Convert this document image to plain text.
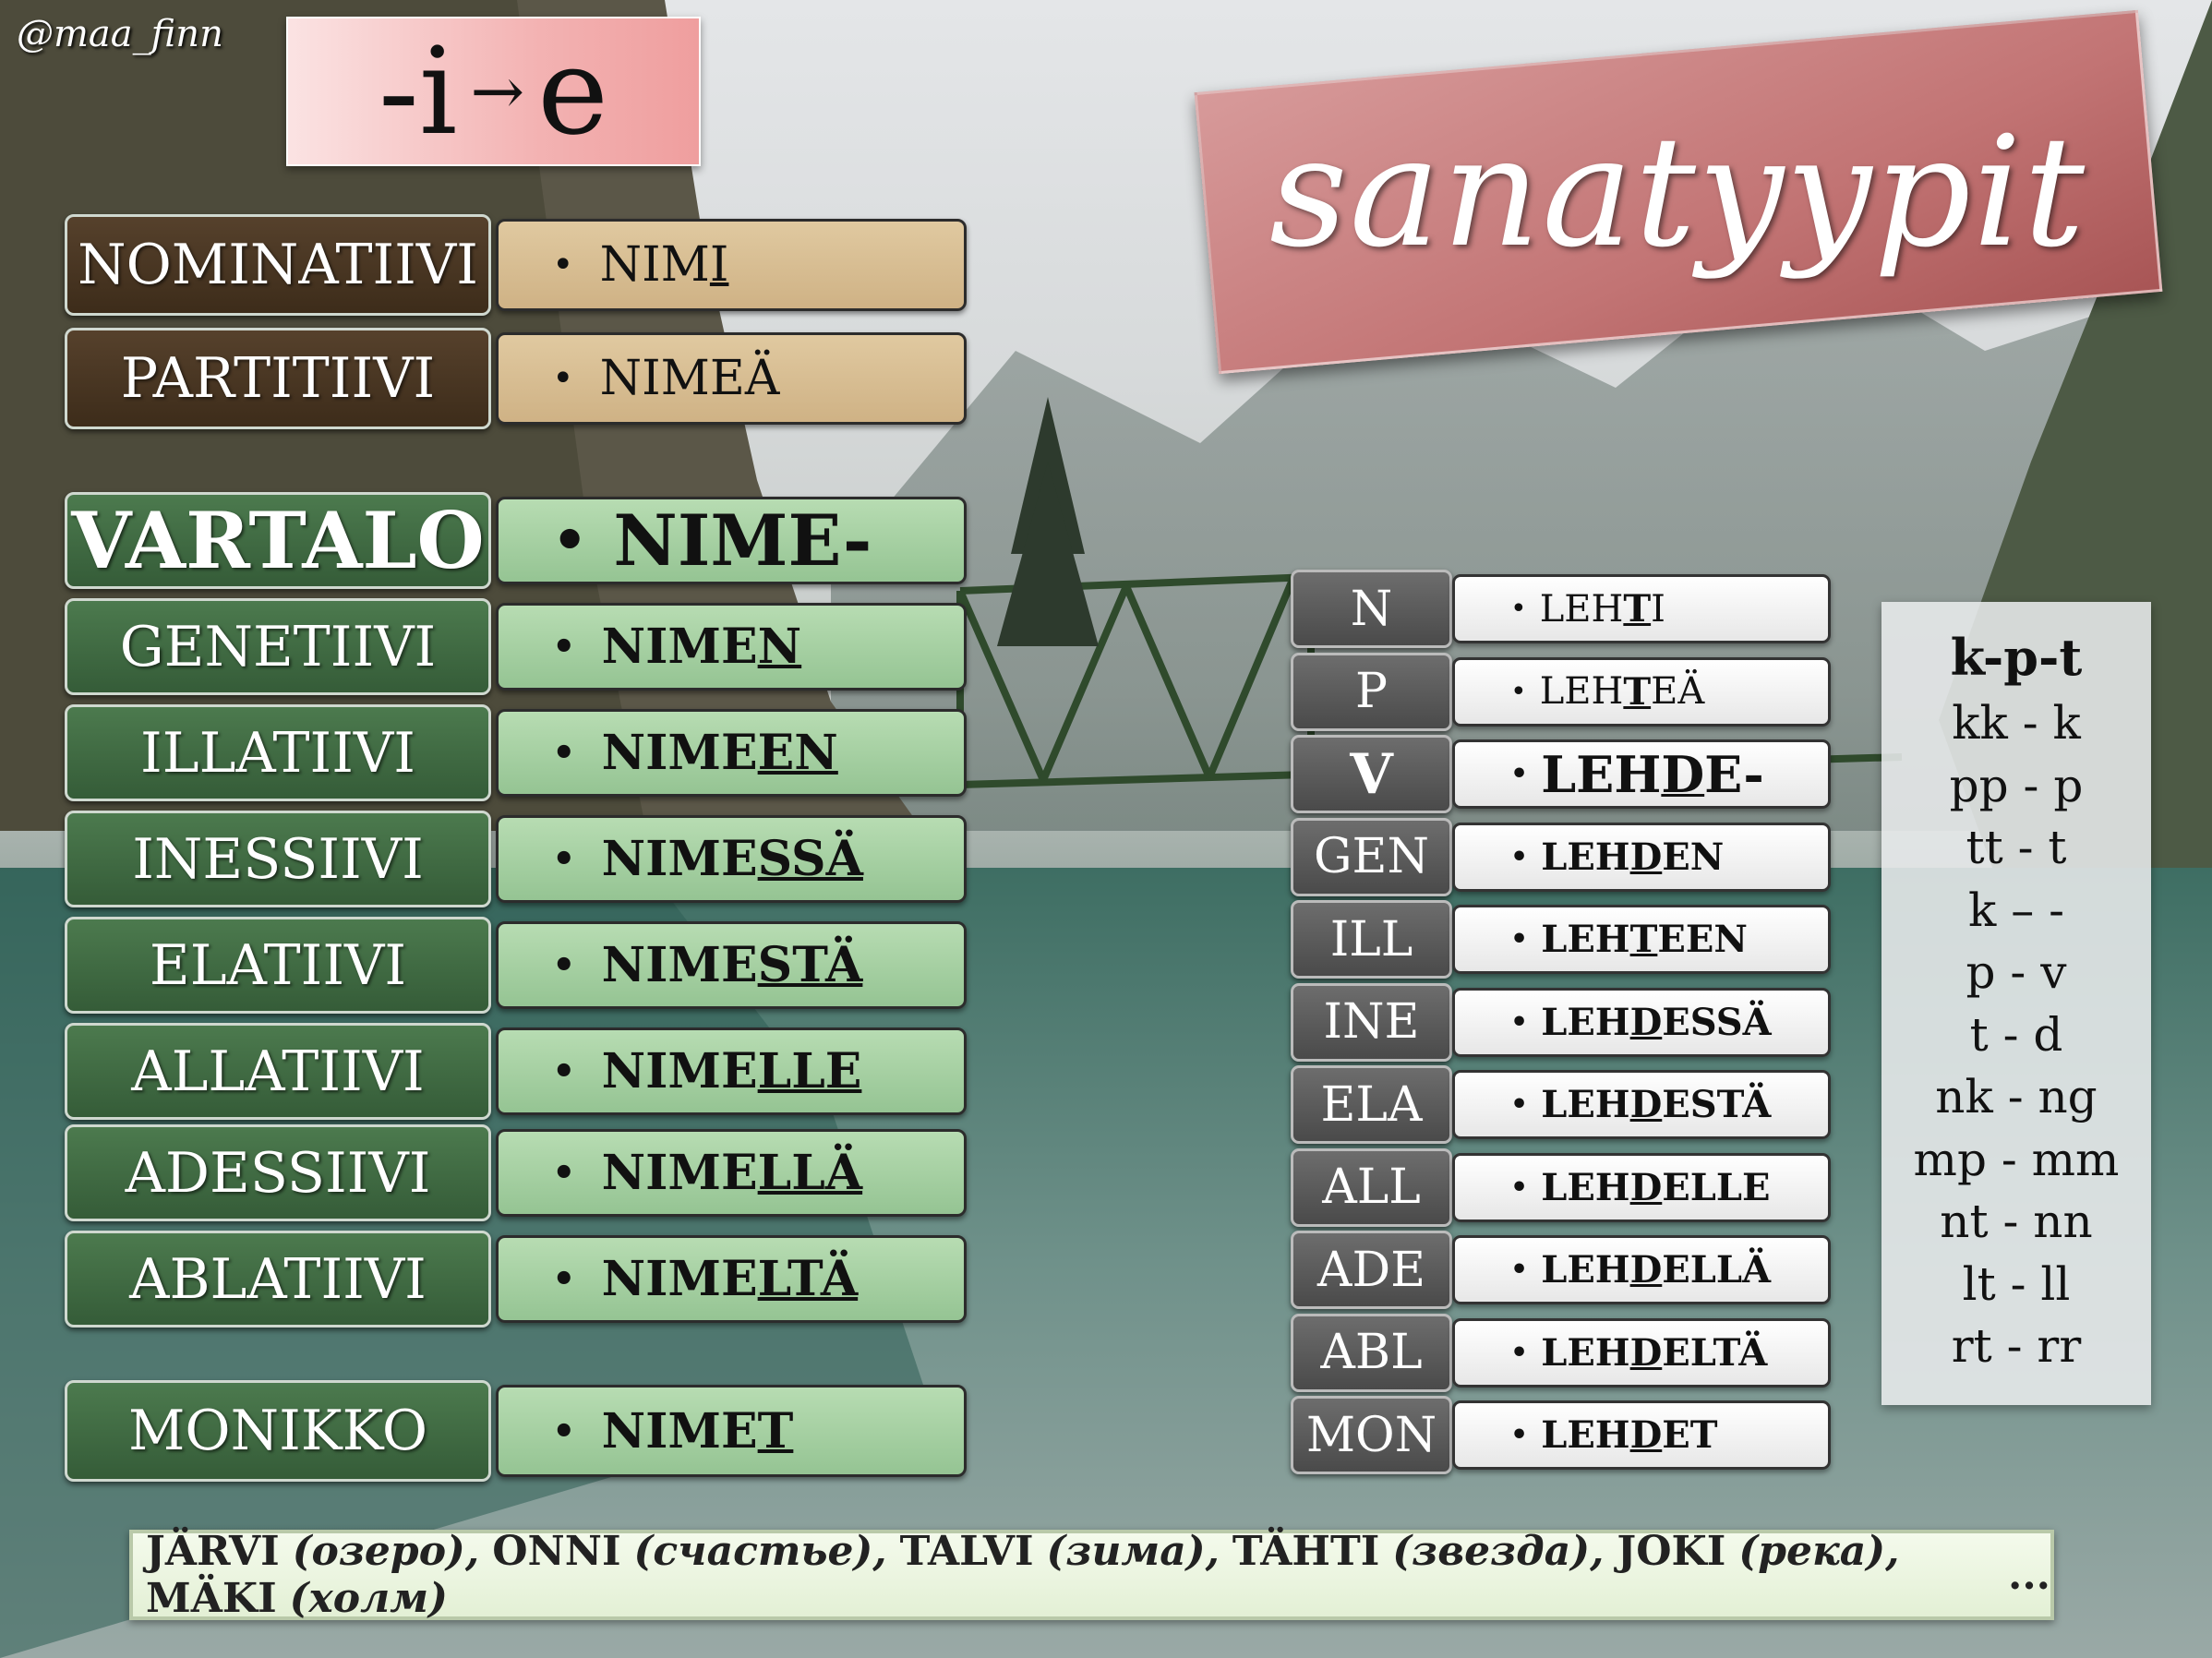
@maa_finn -i → e
sanatyypit
NOMINATIIVI	• NIM I
PARTITIIVI	• NIMEÄ
VARTALO • NIME-
GENETIIVI	• NIME N
ILLATIIVI	• NIME EN
INESSIIVI	• NIME SSÄ
ELATIIVI	• NIME STÄ
ALLATIIVI	• NIME LLE
ADESSIIVI	• NIME LLÄ
ABLATIIVI	• NIME LTÄ
MONIKKO	• NIME T
N	• LEH T I
P	• LEH T EÄ
V	• LEH D E-
GEN	• LEH D EN
ILL	• LEH T EEN
INE	• LEH D ESSÄ
ELA	• LEH D ESTÄ
ALL	• LEH D ELLE
ADE	• LEH D ELLÄ
ABL	• LEH D ELTÄ
MON	• LEH D ET
k-p-t
kk - k
pp - p
tt - t
k – -
p - v
t - d
nk - ng
mp - mm
nt - nn
lt - ll
rt - rr
JÄRVI (озеро), ONNI (счастье), TALVI (зима), TÄHTI (звезда), JOKI (река), MÄKI (холм)	...
